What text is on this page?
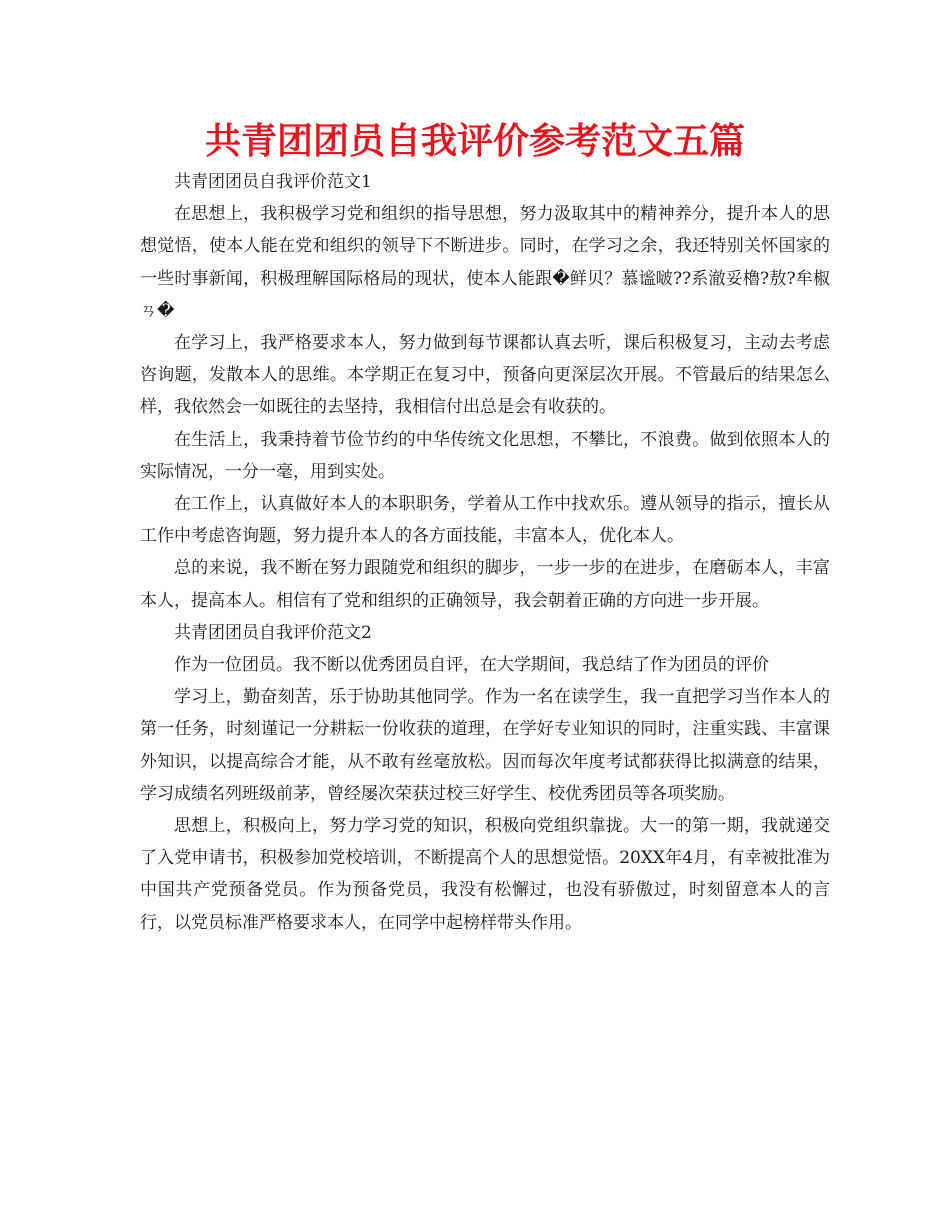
共青团团员自我评价参考范文五篇

共青团团员自我评价范文1

在思想上，我积极学习党和组织的指导思想，努力汲取其中的精神养分，提升本人的思想觉悟，使本人能在党和组织的领导下不断进步。同时，在学习之余，我还特别关怀国家的一些时事新闻，积极理解国际格局的现状，使本人能跟�鲜贝？慕谧啵??系澈妥櫓?敖?牟椒ㄢ�

在学习上，我严格要求本人，努力做到每节课都认真去听，课后积极复习，主动去考虑咨询题，发散本人的思维。本学期正在复习中，预备向更深层次开展。不管最后的结果怎么样，我依然会一如既往的去坚持，我相信付出总是会有收获的。

在生活上，我秉持着节俭节约的中华传统文化思想，不攀比，不浪费。做到依照本人的实际情况，一分一毫，用到实处。

在工作上，认真做好本人的本职职务，学着从工作中找欢乐。遵从领导的指示，擅长从工作中考虑咨询题，努力提升本人的各方面技能，丰富本人，优化本人。

总的来说，我不断在努力跟随党和组织的脚步，一步一步的在进步，在磨砺本人，丰富本人，提高本人。相信有了党和组织的正确领导，我会朝着正确的方向进一步开展。

共青团团员自我评价范文2

作为一位团员。我不断以优秀团员自评，在大学期间，我总结了作为团员的评价

学习上，勤奋刻苦，乐于协助其他同学。作为一名在读学生，我一直把学习当作本人的第一任务，时刻谨记一分耕耘一份收获的道理，在学好专业知识的同时，注重实践、丰富课外知识，以提高综合才能，从不敢有丝毫放松。因而每次年度考试都获得比拟满意的结果，学习成绩名列班级前茅，曾经屡次荣获过校三好学生、校优秀团员等各项奖励。

思想上，积极向上，努力学习党的知识，积极向党组织靠拢。大一的第一期，我就递交了入党申请书，积极参加党校培训，不断提高个人的思想觉悟。20XX年4月，有幸被批准为中国共产党预备党员。作为预备党员，我没有松懈过，也没有骄傲过，时刻留意本人的言行，以党员标准严格要求本人，在同学中起榜样带头作用。
